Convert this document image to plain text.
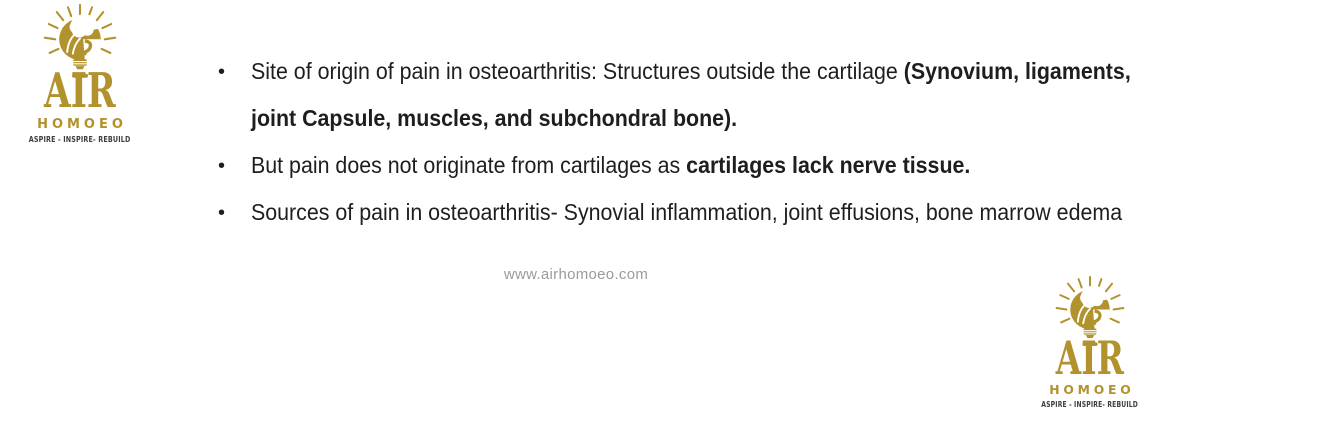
AIR
HOMOEO
ASPIRE - INSPIRE- REBUILD
•	Site of origin of pain in osteoarthritis: Structures outside the cartilage (Synovium, ligaments,
joint Capsule, muscles, and subchondral bone).
•	But pain does not originate from cartilages as cartilages lack nerve tissue.
•	Sources of pain in osteoarthritis- Synovial inflammation, joint effusions, bone marrow edema
www.airhomoeo.com
AIR
HOMOEO
ASPIRE - INSPIRE- REBUILD
